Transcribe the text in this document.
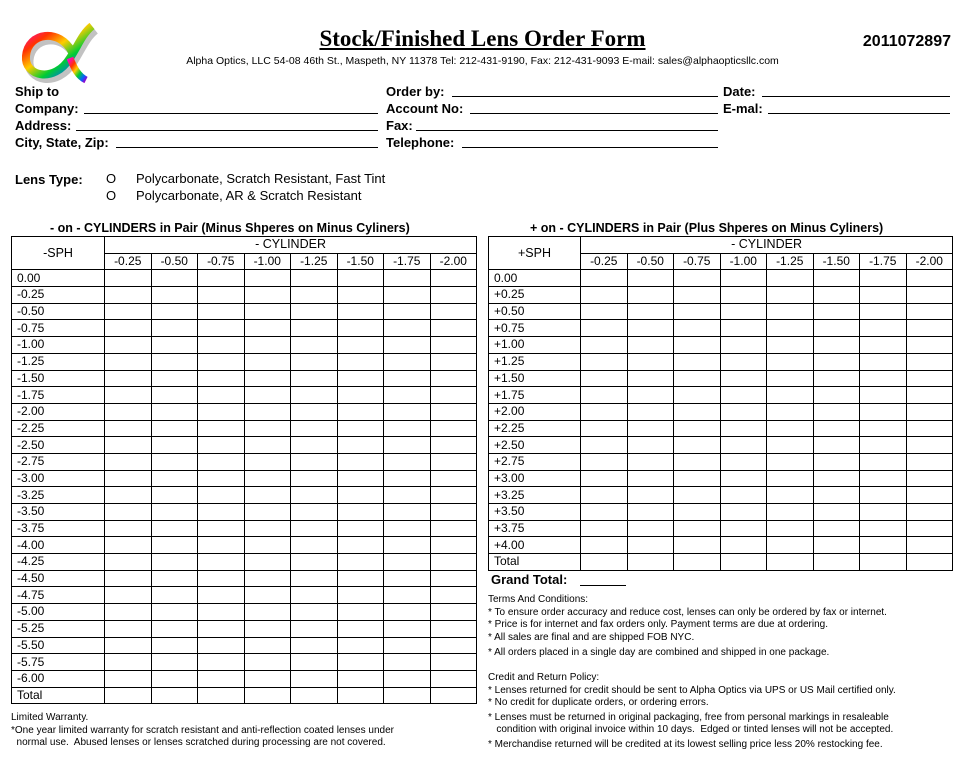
Stock/Finished Lens Order Form	2011072897
Alpha Optics, LLC 54-08 46th St., Maspeth, NY 11378 Tel: 212-431-9190, Fax: 212-431-9093 E-mail: sales@alphaopticsllc.com
Ship to
Company:
Address:
City, State, Zip:
Order by:
Account No:
Fax:
Telephone:
Date:
E-mal:
Lens Type: O Polycarbonate, Scratch Resistant, Fast Tint
O Polycarbonate, AR & Scratch Resistant
- on - CYLINDERS in Pair (Minus Shperes on Minus Cyliners)	+ on - CYLINDERS in Pair (Plus Shperes on Minus Cyliners)
-SPH	- CYLINDER							
	-0.25	-0.50	-0.75	-1.00	-1.25	-1.50	-1.75	-2.00
0.00								
-0.25								
-0.50								
-0.75								
-1.00								
-1.25								
-1.50								
-1.75								
-2.00								
-2.25								
-2.50								
-2.75								
-3.00								
-3.25								
-3.50								
-3.75								
-4.00								
-4.25								
-4.50								
-4.75								
-5.00								
-5.25								
-5.50								
-5.75								
-6.00								
Total								
+SPH	- CYLINDER							
	-0.25	-0.50	-0.75	-1.00	-1.25	-1.50	-1.75	-2.00
0.00								
+0.25								
+0.50								
+0.75								
+1.00								
+1.25								
+1.50								
+1.75								
+2.00								
+2.25								
+2.50								
+2.75								
+3.00								
+3.25								
+3.50								
+3.75								
+4.00								
Total								
Grand Total:
Terms And Conditions:
* To ensure order accuracy and reduce cost, lenses can only be ordered by fax or internet.
* Price is for internet and fax orders only. Payment terms are due at ordering.
* All sales are final and are shipped FOB NYC.
* All orders placed in a single day are combined and shipped in one package.
Credit and Return Policy:
* Lenses returned for credit should be sent to Alpha Optics via UPS or US Mail certified only.
* No credit for duplicate orders, or ordering errors.
* Lenses must be returned in original packaging, free from personal markings in resaleable
condition with original invoice within 10 days.  Edged or tinted lenses will not be accepted.
* Merchandise returned will be credited at its lowest selling price less 20% restocking fee.
Limited Warranty.
*One year limited warranty for scratch resistant and anti-reflection coated lenses under
normal use.  Abused lenses or lenses scratched during processing are not covered.
